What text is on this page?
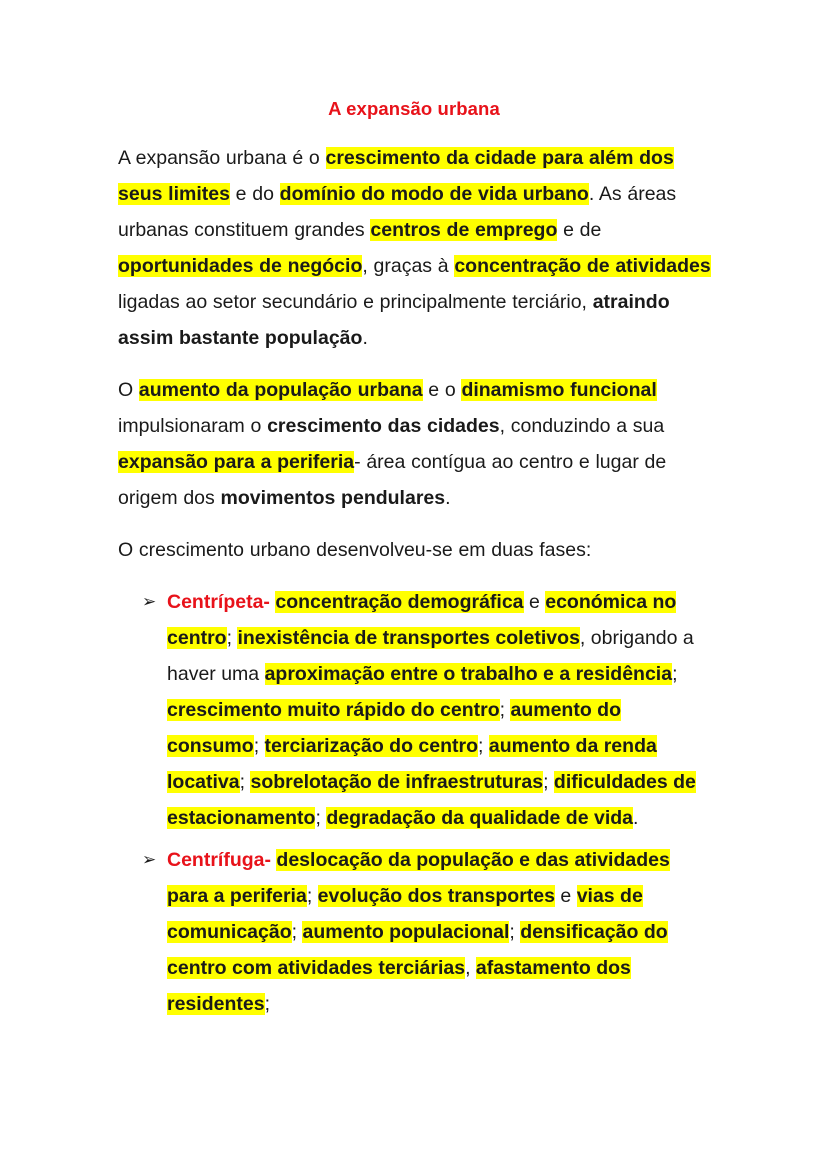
A expansão urbana

A expansão urbana é o crescimento da cidade para além dos seus limites e do domínio do modo de vida urbano. As áreas urbanas constituem grandes centros de emprego e de oportunidades de negócio, graças à concentração de atividades ligadas ao setor secundário e principalmente terciário, atraindo assim bastante população.

O aumento da população urbana e o dinamismo funcional impulsionaram o crescimento das cidades, conduzindo a sua expansão para a periferia- área contígua ao centro e lugar de origem dos movimentos pendulares.

O crescimento urbano desenvolveu-se em duas fases:

➢ Centrípeta- concentração demográfica e económica no centro; inexistência de transportes coletivos, obrigando a haver uma aproximação entre o trabalho e a residência; crescimento muito rápido do centro; aumento do consumo; terciarização do centro; aumento da renda locativa; sobrelotação de infraestruturas; dificuldades de estacionamento; degradação da qualidade de vida.
➢ Centrífuga- deslocação da população e das atividades para a periferia; evolução dos transportes e vias de comunicação; aumento populacional; densificação do centro com atividades terciárias, afastamento dos residentes;
